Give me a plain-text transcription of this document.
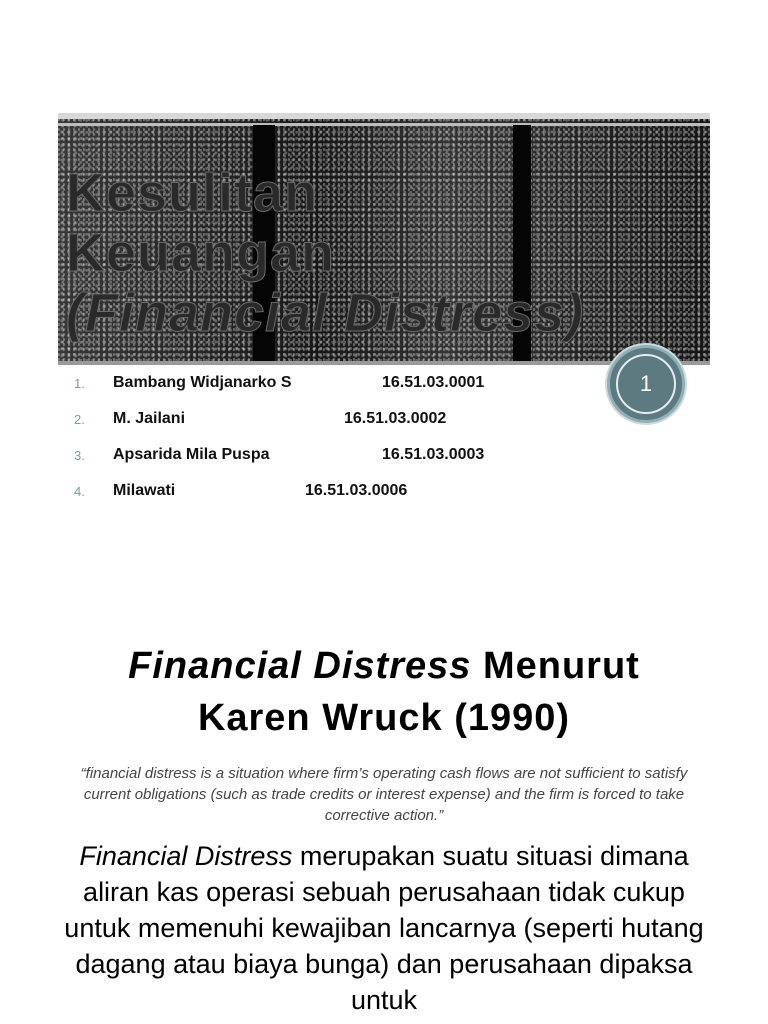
Kesulitan
Keuangan
(Financial Distress)
1
1. Bambang Widjanarko S	16.51.03.0001
2. M. Jailani	16.51.03.0002
3. Apsarida Mila Puspa	16.51.03.0003
4. Milawati	16.51.03.0006
Financial Distress Menurut
Karen Wruck (1990)
“financial distress is a situation where firm’s operating cash flows are not sufficient to satisfy current obligations (such as trade credits or interest expense) and the firm is forced to take corrective action.”
Financial Distress merupakan suatu situasi dimana aliran kas operasi sebuah perusahaan tidak cukup untuk memenuhi kewajiban lancarnya (seperti hutang dagang atau biaya bunga) dan perusahaan dipaksa untuk
